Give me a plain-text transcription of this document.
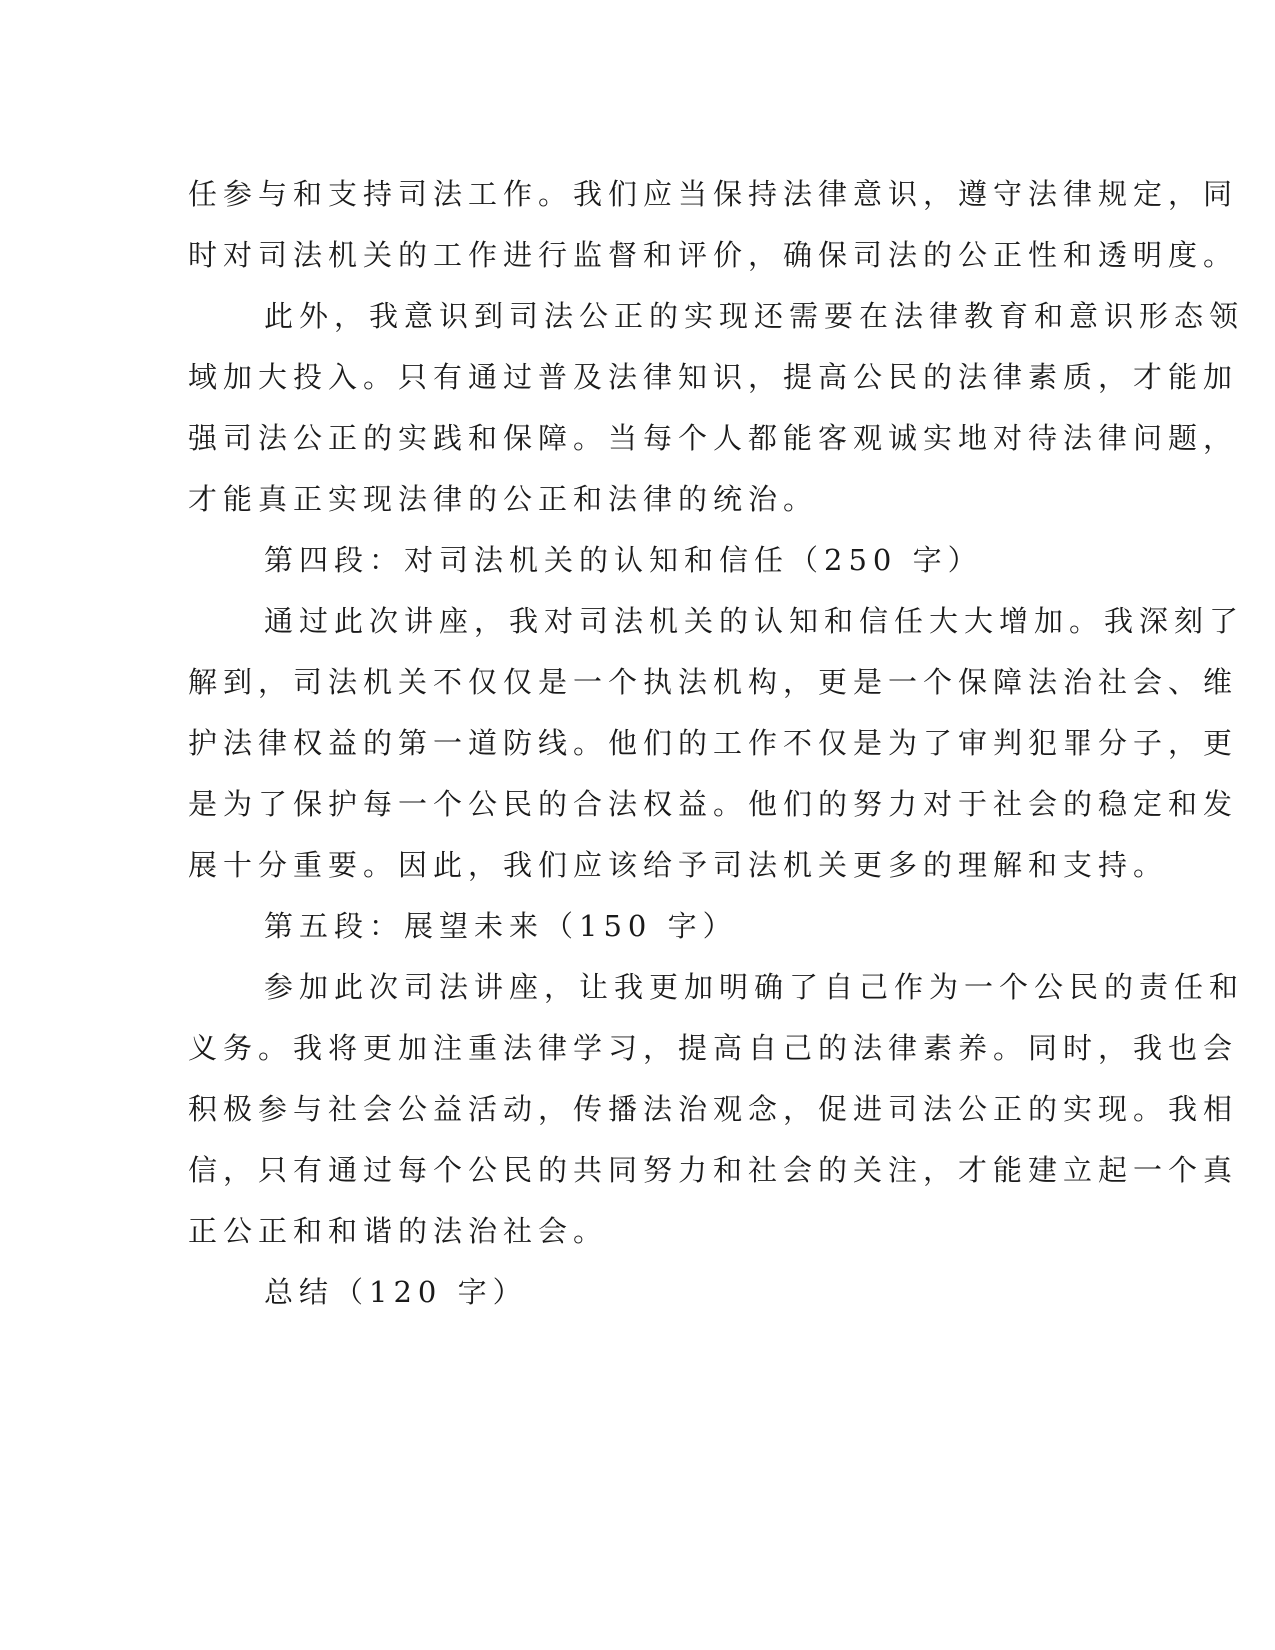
任参与和支持司法工作。我们应当保持法律意识，遵守法律规定，同
时对司法机关的工作进行监督和评价，确保司法的公正性和透明度。
此外，我意识到司法公正的实现还需要在法律教育和意识形态领
域加大投入。只有通过普及法律知识，提高公民的法律素质，才能加
强司法公正的实践和保障。当每个人都能客观诚实地对待法律问题，
才能真正实现法律的公正和法律的统治。
第四段：对司法机关的认知和信任（250 字）
通过此次讲座，我对司法机关的认知和信任大大增加。我深刻了
解到，司法机关不仅仅是一个执法机构，更是一个保障法治社会、维
护法律权益的第一道防线。他们的工作不仅是为了审判犯罪分子，更
是为了保护每一个公民的合法权益。他们的努力对于社会的稳定和发
展十分重要。因此，我们应该给予司法机关更多的理解和支持。
第五段：展望未来（150 字）
参加此次司法讲座，让我更加明确了自己作为一个公民的责任和
义务。我将更加注重法律学习，提高自己的法律素养。同时，我也会
积极参与社会公益活动，传播法治观念，促进司法公正的实现。我相
信，只有通过每个公民的共同努力和社会的关注，才能建立起一个真
正公正和和谐的法治社会。
总结（120 字）
